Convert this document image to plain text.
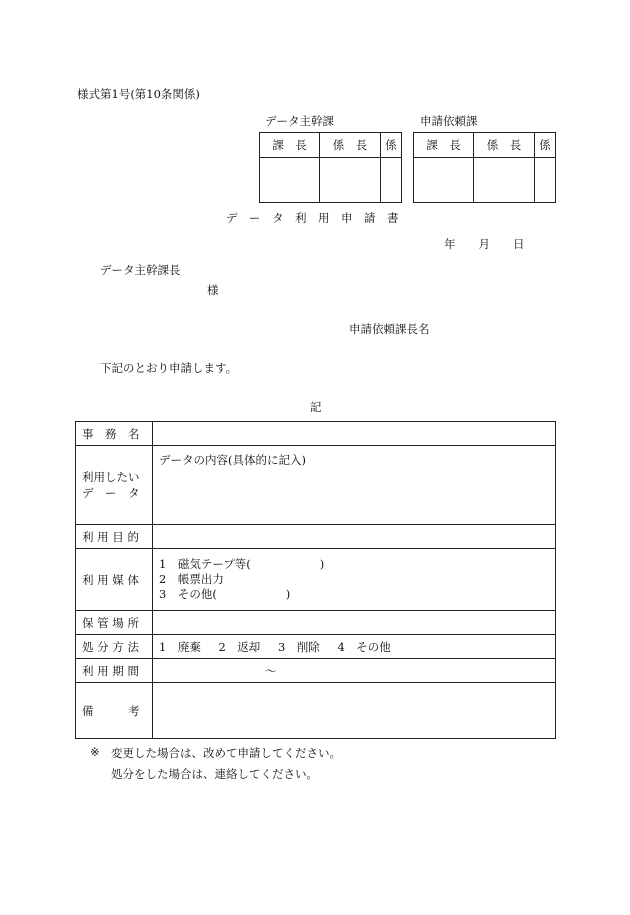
様式第1号(第10条関係)
データ主幹課
課　長	係　長	係

申請依頼課
課　長	係　長	係

デ　ー　タ　利　用　申　請　書
年　　月　　日
データ主幹課長
様
申請依頼課長名
下記のとおり申請します。
記
事　務　名	

利用したい
デ　ー　タ	データの内容(具体的に記入)
利 用 目 的	
利 用 媒 体	1　磁気テープ等(　　　　　　)
2　帳票出力
3　その他(　　　　　　)

保 管 場 所	
処 分 方 法	1　廃棄 2　返却 3　削除 4　その他
利 用 期 間	～
備　　　考	
※ 変更した場合は、改めて申請してください。
処分をした場合は、連絡してください。
